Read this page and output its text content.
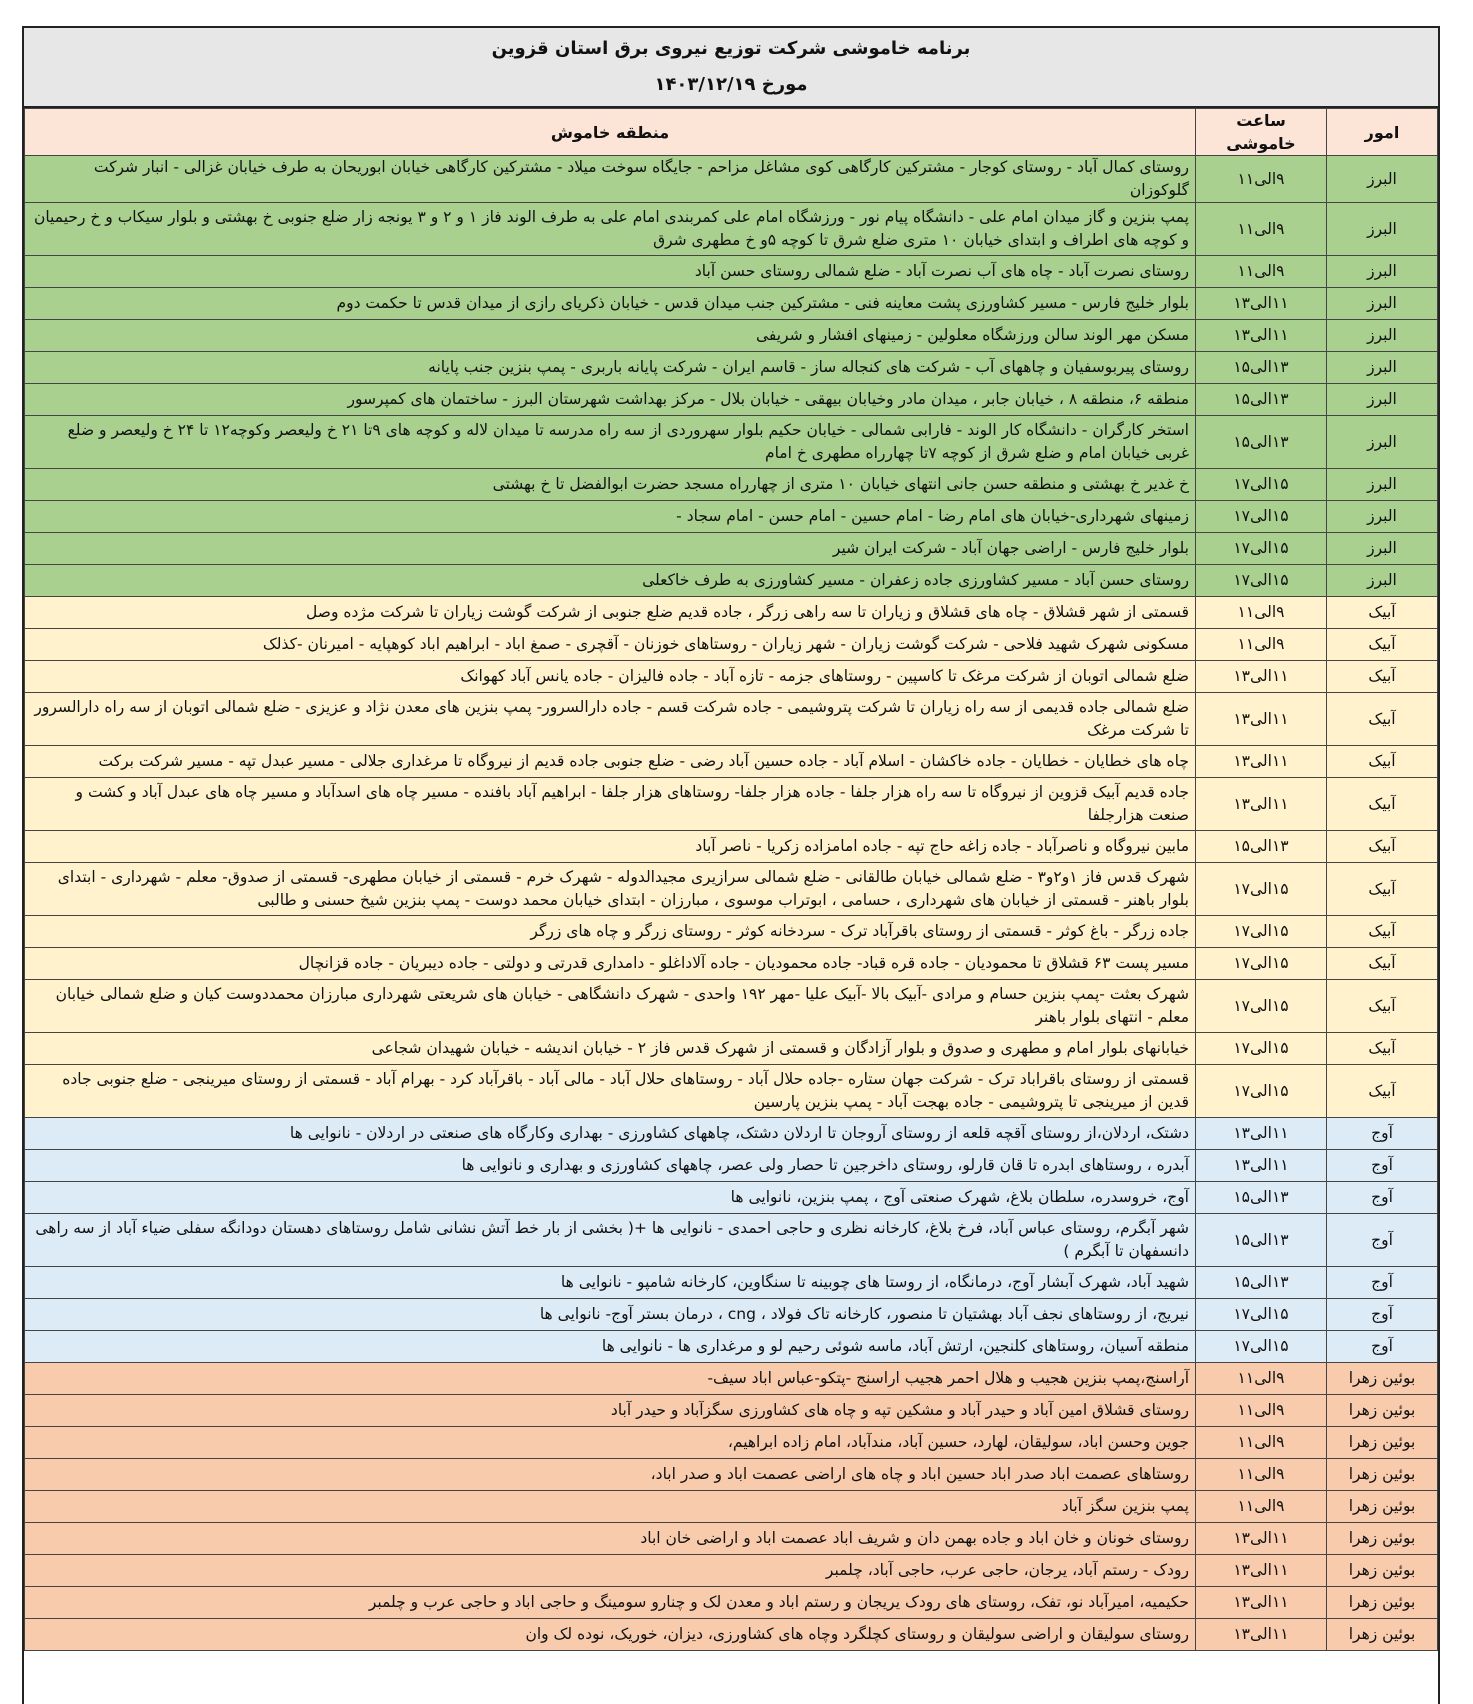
برنامه خاموشی شرکت توزیع نیروی برق استان قزوین
مورخ ۱۴۰۳/۱۲/۱۹
امور	ساعت خاموشی	منطقه خاموش
البرز	۹الی۱۱	روستای کمال آباد - روستای کوجار - مشترکین کارگاهی کوی مشاغل مزاحم - جایگاه سوخت میلاد - مشترکین کارگاهی خیابان ابوریحان به طرف خیابان غزالی - انبار شرکت گلوکوزان
البرز	۹الی۱۱	پمپ بنزین و گاز میدان امام علی - دانشگاه پیام نور - ورزشگاه امام علی کمربندی امام علی به طرف الوند فاز ۱ و ۲ و ۳ یونجه زار ضلع جنوبی خ بهشتی و بلوار سیکاب و خ رحیمیان و کوچه های اطراف و ابتدای خیابان ۱۰ متری ضلع شرق تا کوچه ۵و خ مطهری شرق
البرز	۹الی۱۱	روستای نصرت آباد - چاه های آب نصرت آباد - ضلع شمالی روستای حسن آباد
البرز	۱۱الی۱۳	بلوار خلیج فارس - مسیر کشاورزی پشت معاینه فنی - مشترکین جنب میدان قدس - خیابان ذکریای رازی از میدان قدس تا حکمت دوم
البرز	۱۱الی۱۳	مسکن مهر الوند سالن ورزشگاه معلولین - زمینهای افشار و شریفی
البرز	۱۳الی۱۵	روستای پیربوسفیان و چاههای آب - شرکت های کنجاله ساز - قاسم ایران - شرکت پایانه باربری - پمپ بنزین جنب پایانه
البرز	۱۳الی۱۵	منطقه ۶، منطقه ۸ ، خیابان جابر ، میدان مادر وخیابان بیهقی - خیابان بلال - مرکز بهداشت شهرستان البرز - ساختمان های کمپرسور
البرز	۱۳الی۱۵	استخر کارگران - دانشگاه کار الوند - فارابی شمالی - خیابان حکیم بلوار سهروردی از سه راه مدرسه تا میدان لاله و کوچه های ۹تا ۲۱ خ ولیعصر وکوچه۱۲ تا ۲۴ خ ولیعصر و ضلع غربی خیابان امام و ضلع شرق از کوچه ۷تا چهارراه مطهری خ امام
البرز	۱۵الی۱۷	خ غدیر خ بهشتی و منطقه حسن جانی انتهای خیابان ۱۰ متری از چهارراه مسجد حضرت ابوالفضل تا خ بهشتی
البرز	۱۵الی۱۷	زمینهای شهرداری-خیابان های امام رضا - امام حسین - امام حسن - امام سجاد -
البرز	۱۵الی۱۷	بلوار خلیج فارس - اراضی جهان آباد - شرکت ایران شیر
البرز	۱۵الی۱۷	روستای حسن آباد - مسیر کشاورزی جاده زعفران - مسیر کشاورزی به طرف خاکعلی
آبیک	۹الی۱۱	قسمتی از شهر قشلاق - چاه های قشلاق و زیاران تا سه راهی زرگر ، جاده قدیم ضلع جنوبی از شرکت گوشت زیاران تا شرکت مژده وصل
آبیک	۹الی۱۱	مسکونی شهرک شهید فلاحی - شرکت گوشت زیاران - شهر زیاران - روستاهای خوزنان - آقچری - صمغ اباد - ابراهیم اباد کوهپایه - امیرنان -کذلک
آبیک	۱۱الی۱۳	ضلع شمالی اتوبان از شرکت مرغک تا کاسپین - روستاهای جزمه - تازه آباد - جاده فالیزان - جاده یانس آباد کهوانک
آبیک	۱۱الی۱۳	ضلع شمالی جاده قدیمی از سه راه زیاران تا شرکت پتروشیمی - جاده شرکت قسم - جاده دارالسرور- پمپ بنزین های معدن نژاد و عزیزی - ضلع شمالی اتوبان از سه راه دارالسرور تا شرکت مرغک
آبیک	۱۱الی۱۳	چاه های خطایان - خطایان - جاده خاکشان - اسلام آباد - جاده حسین آباد رضی - ضلع جنوبی جاده قدیم از نیروگاه تا مرغداری جلالی - مسیر عبدل تپه - مسیر شرکت برکت
آبیک	۱۱الی۱۳	جاده قدیم آبیک قزوین از نیروگاه تا سه راه هزار جلفا - جاده هزار جلفا- روستاهای هزار جلفا - ابراهیم آباد بافنده - مسیر چاه های اسدآباد و مسیر چاه های عبدل آباد و کشت و صنعت هزارجلفا
آبیک	۱۳الی۱۵	مابین نیروگاه و ناصرآباد - جاده زاغه حاج تپه - جاده امامزاده زکریا - ناصر آباد
آبیک	۱۵الی۱۷	شهرک قدس فاز ۱و۲و۳ - ضلع شمالی خیابان طالقانی - ضلع شمالی سرازیری مجیدالدوله - شهرک خرم - قسمتی از خیابان مطهری- قسمتی از صدوق- معلم - شهرداری - ابتدای بلوار باهنر - قسمتی از خیابان های شهرداری ، حسامی ، ابوتراب موسوی ، مبارزان - ابتدای خیابان محمد دوست - پمپ بنزین شیخ حسنی و طالبی
آبیک	۱۵الی۱۷	جاده زرگر - باغ کوثر - قسمتی از روستای باقرآباد ترک - سردخانه کوثر - روستای زرگر و چاه های زرگر
آبیک	۱۵الی۱۷	مسیر پست ۶۳ قشلاق تا محمودیان - جاده قره قباد- جاده محمودیان - جاده آلاداغلو - دامداری قدرتی و دولتی - جاده دیبریان - جاده قزانچال
آبیک	۱۵الی۱۷	شهرک بعثت -پمپ بنزین حسام و مرادی -آبیک بالا -آبیک علیا -مهر ۱۹۲ واحدی - شهرک دانشگاهی - خیابان های شریعتی شهرداری مبارزان محمددوست کیان و ضلع شمالی خیابان معلم - انتهای بلوار باهنر
آبیک	۱۵الی۱۷	خیابانهای بلوار امام و مطهری و صدوق و بلوار آزادگان و قسمتی از شهرک قدس فاز ۲ - خیابان اندیشه - خیابان شهیدان شجاعی
آبیک	۱۵الی۱۷	قسمتی از روستای باقراباد ترک - شرکت جهان ستاره -جاده حلال آباد - روستاهای حلال آباد - مالی آباد - باقرآباد کرد - بهرام آباد - قسمتی از روستای میرینجی - ضلع جنوبی جاده قدین از میرینجی تا پتروشیمی - جاده بهجت آباد - پمپ بنزین پارسین
آوج	۱۱الی۱۳	دشتک، اردلان،از روستای آقچه قلعه از روستای آروجان تا اردلان دشتک، چاههای کشاورزی - بهداری وکارگاه های صنعتی در اردلان - نانوایی ها
آوج	۱۱الی۱۳	آبدره ، روستاهای ابدره تا قان قارلو، روستای داخرجین تا حصار ولی عصر، چاههای کشاورزی و بهداری و نانوایی ها
آوج	۱۳الی۱۵	آوج، خروسدره، سلطان بلاغ، شهرک صنعتی آوج ، پمپ بنزین، نانوایی ها
آوج	۱۳الی۱۵	شهر آبگرم، روستای عباس آباد، فرخ بلاغ، کارخانه نظری و حاجی احمدی - نانوایی ها +( بخشی از بار خط آتش نشانی شامل روستاهای دهستان دودانگه سفلی ضیاء آباد از سه راهی دانسفهان تا آبگرم )
آوج	۱۳الی۱۵	شهید آباد، شهرک آبشار آوج، درمانگاه، از روستا های چوبینه تا سنگاوین، کارخانه شامپو - نانوایی ها
آوج	۱۵الی۱۷	نیریج، از روستاهای نجف آباد بهشتیان تا منصور، کارخانه تاک فولاد ، cng ، درمان بستر آوج- نانوایی ها
آوج	۱۵الی۱۷	منطقه آسیان، روستاهای کلنجین، ارتش آباد، ماسه شوئی رحیم لو و مرغداری ها - نانوایی ها
بوئین زهرا	۹الی۱۱	آراسنج،پمپ بنزین هجیب و هلال احمر هجیب اراسنج -پتکو-عباس اباد سیف-
بوئین زهرا	۹الی۱۱	روستای قشلاق امین آباد و حیدر آباد و مشکین تپه و چاه های کشاورزی سگزآباد و حیدر آباد
بوئین زهرا	۹الی۱۱	جوین وحسن اباد، سولیقان، لهارد، حسین آباد، مندآباد، امام زاده ابراهیم،
بوئین زهرا	۹الی۱۱	روستاهای عصمت اباد صدر اباد حسین اباد و چاه های اراضی عصمت اباد و صدر اباد،
بوئین زهرا	۹الی۱۱	پمپ بنزین سگز آباد
بوئین زهرا	۱۱الی۱۳	روستای خونان و خان اباد و جاده بهمن دان و شریف اباد عصمت اباد و اراضی خان اباد
بوئین زهرا	۱۱الی۱۳	رودک - رستم آباد، یرجان، حاجی عرب، حاجی آباد، چلمبر
بوئین زهرا	۱۱الی۱۳	حکیمیه، امیرآباد نو، تفک، روستای های رودک یریجان و رستم اباد و معدن لک و چنارو سومینگ و حاجی اباد و حاجی عرب و چلمبر
بوئین زهرا	۱۱الی۱۳	روستای سولیقان و اراضی سولیقان و روستای کچلگرد وچاه های کشاورزی، دیزان، خوریک، نوده لک وان
